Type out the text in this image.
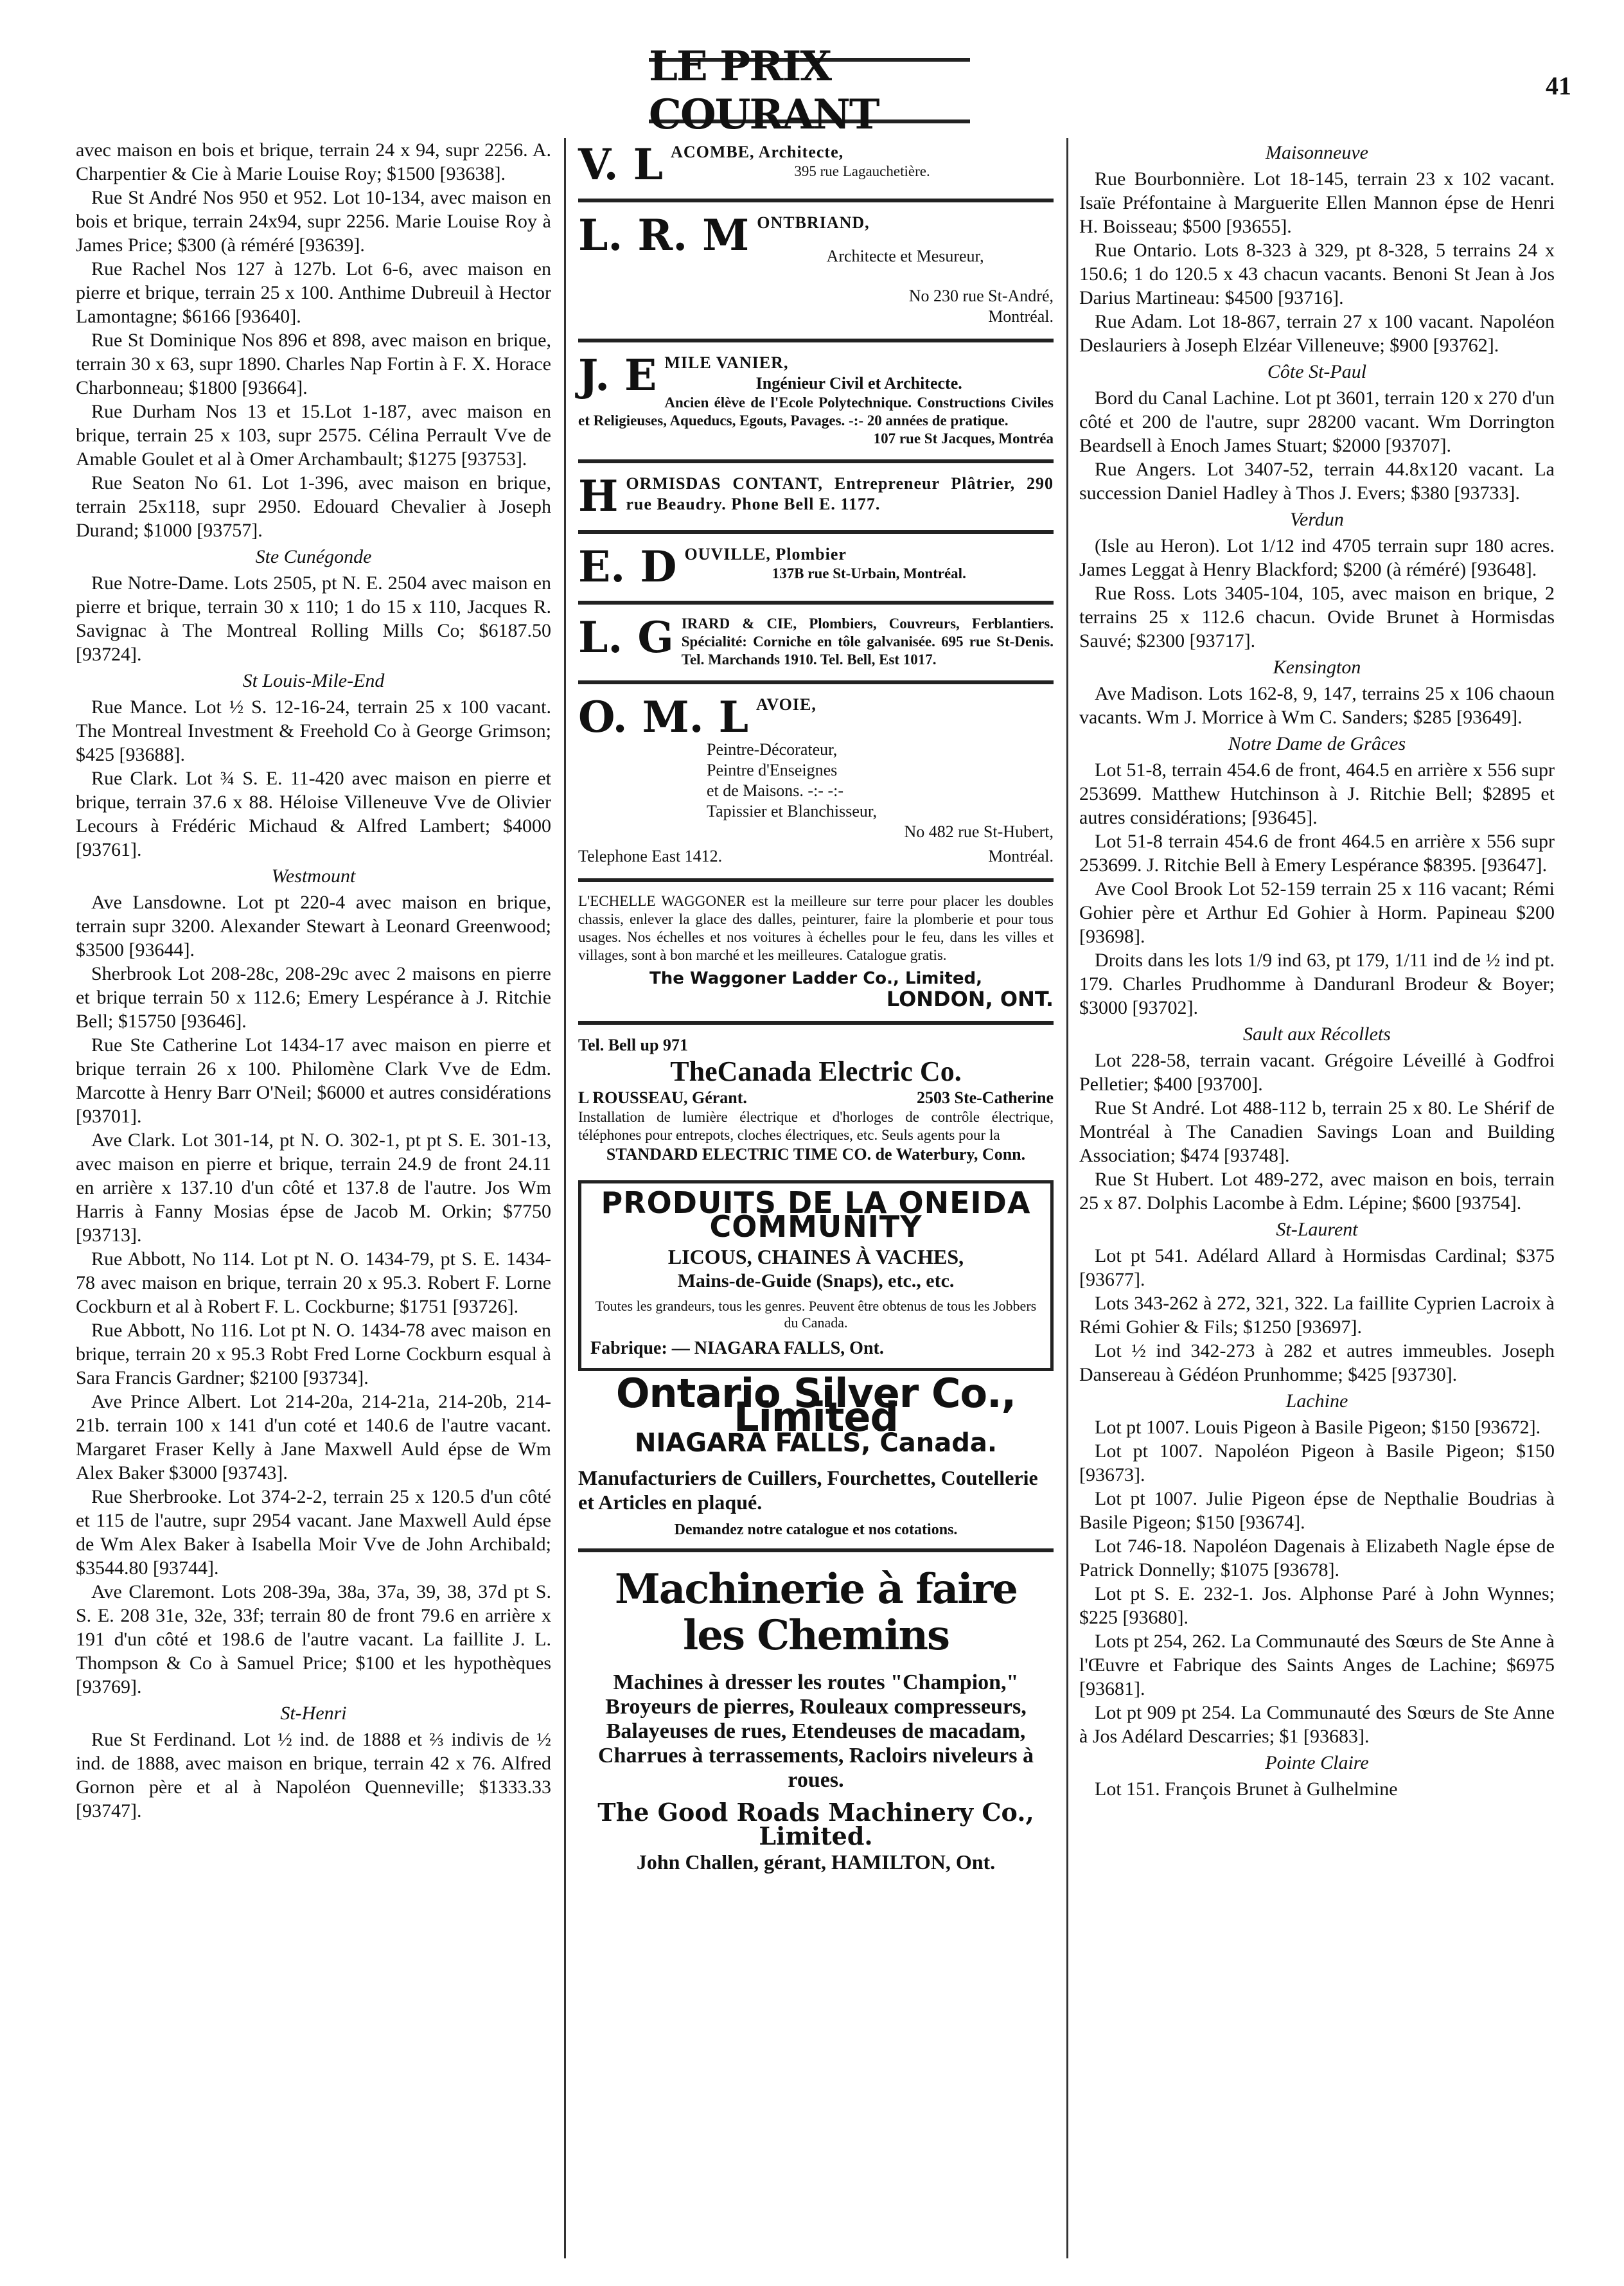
LE PRIX COURANT
41
avec maison en bois et brique, terrain 24 x 94, supr 2256. A. Charpentier & Cie à Marie Louise Roy; $1500 [93638].
Rue St André Nos 950 et 952. Lot 10-134, avec maison en bois et brique, terrain 24x94, supr 2256. Marie Louise Roy à James Price; $300 (à réméré [93639].
Rue Rachel Nos 127 à 127b. Lot 6-6, avec maison en pierre et brique, terrain 25 x 100. Anthime Dubreuil à Hector Lamontagne; $6166 [93640].
Rue St Dominique Nos 896 et 898, avec maison en brique, terrain 30 x 63, supr 1890. Charles Nap Fortin à F. X. Horace Charbonneau; $1800 [93664].
Rue Durham Nos 13 et 15.Lot 1-187, avec maison en brique, terrain 25 x 103, supr 2575. Célina Perrault Vve de Amable Goulet et al à Omer Archambault; $1275 [93753].
Rue Seaton No 61. Lot 1-396, avec maison en brique, terrain 25x118, supr 2950. Edouard Chevalier à Joseph Durand; $1000 [93757].
Ste Cunégonde
Rue Notre-Dame. Lots 2505, pt N. E. 2504 avec maison en pierre et brique, terrain 30 x 110; 1 do 15 x 110, Jacques R. Savignac à The Montreal Rolling Mills Co; $6187.50 [93724].
St Louis-Mile-End
Rue Mance. Lot ½ S. 12-16-24, terrain 25 x 100 vacant. The Montreal Investment & Freehold Co à George Grimson; $425 [93688].
Rue Clark. Lot ¾ S. E. 11-420 avec maison en pierre et brique, terrain 37.6 x 88. Héloise Villeneuve Vve de Olivier Lecours à Frédéric Michaud & Alfred Lambert; $4000 [93761].
Westmount
Ave Lansdowne. Lot pt 220-4 avec maison en brique, terrain supr 3200. Alexander Stewart à Leonard Greenwood; $3500 [93644].
Sherbrook Lot 208-28c, 208-29c avec 2 maisons en pierre et brique terrain 50 x 112.6; Emery Lespérance à J. Ritchie Bell; $15750 [93646].
Rue Ste Catherine Lot 1434-17 avec maison en pierre et brique terrain 26 x 100. Philomène Clark Vve de Edm. Marcotte à Henry Barr O'Neil; $6000 et autres considérations [93701].
Ave Clark. Lot 301-14, pt N. O. 302-1, pt pt S. E. 301-13, avec maison en pierre et brique, terrain 24.9 de front 24.11 en arrière x 137.10 d'un côté et 137.8 de l'autre. Jos Wm Harris à Fanny Mosias épse de Jacob M. Orkin; $7750 [93713].
Rue Abbott, No 114. Lot pt N. O. 1434-79, pt S. E. 1434-78 avec maison en brique, terrain 20 x 95.3. Robert F. Lorne Cockburn et al à Robert F. L. Cockburne; $1751 [93726].
Rue Abbott, No 116. Lot pt N. O. 1434-78 avec maison en brique, terrain 20 x 95.3 Robt Fred Lorne Cockburn esqual à Sara Francis Gardner; $2100 [93734].
Ave Prince Albert. Lot 214-20a, 214-21a, 214-20b, 214-21b. terrain 100 x 141 d'un coté et 140.6 de l'autre vacant. Margaret Fraser Kelly à Jane Maxwell Auld épse de Wm Alex Baker $3000 [93743].
Rue Sherbrooke. Lot 374-2-2, terrain 25 x 120.5 d'un côté et 115 de l'autre, supr 2954 vacant. Jane Maxwell Auld épse de Wm Alex Baker à Isabella Moir Vve de John Archibald; $3544.80 [93744].
Ave Claremont. Lots 208-39a, 38a, 37a, 39, 38, 37d pt S. S. E. 208 31e, 32e, 33f; terrain 80 de front 79.6 en arrière x 191 d'un côté et 198.6 de l'autre vacant. La faillite J. L. Thompson & Co à Samuel Price; $100 et les hypothèques [93769].
St-Henri
Rue St Ferdinand. Lot ½ ind. de 1888 et ⅔ indivis de ½ ind. de 1888, avec maison en brique, terrain 42 x 76. Alfred Gornon père et al à Napoléon Quenneville; $1333.33 [93747].
V. L ACOMBE, Architecte,
395 rue Lagauchetière.
L. R. M ONTBRIAND,
Architecte et Mesureur,
No 230 rue St-André,
Montréal.
J. E MILE VANIER,
Ingénieur Civil et Architecte.
Ancien élève de l'Ecole Polytechnique. Constructions Civiles et Religieuses, Aqueducs, Egouts, Pavages. -:- 20 années de pratique.
107 rue St Jacques, Montréa
H ORMISDAS CONTANT, Entrepreneur Plâtrier, 290 rue Beaudry. Phone Bell E. 1177.
E. D OUVILLE, Plombier
137B rue St-Urbain, Montréal.
L. G IRARD & CIE, Plombiers, Couvreurs, Ferblantiers. Spécialité: Corniche en tôle galvanisée. 695 rue St-Denis. Tel. Marchands 1910. Tel. Bell, Est 1017.
O. M. L AVOIE,
Peintre-Décorateur,
Peintre d'Enseignes
et de Maisons. -:- -:-
Tapissier et Blanchisseur,
No 482 rue St-Hubert,
Telephone East 1412.	Montréal.
L'ECHELLE WAGGONER est la meilleure sur terre pour placer les doubles chassis, enlever la glace des dalles, peinturer, faire la plomberie et pour tous usages. Nos échelles et nos voitures à échelles pour le feu, dans les villes et villages, sont à bon marché et les meilleures. Catalogue gratis.
The Waggoner Ladder Co., Limited,
LONDON, ONT.
Tel. Bell up 971
TheCanada Electric Co.
L ROUSSEAU, Gérant.	2503 Ste-Catherine
Installation de lumière électrique et d'horloges de contrôle électrique, téléphones pour entrepots, cloches électriques, etc. Seuls agents pour la
STANDARD ELECTRIC TIME CO. de Waterbury, Conn.
PRODUITS DE LA ONEIDA COMMUNITY
LICOUS, CHAINES À VACHES,
Mains-de-Guide (Snaps), etc., etc.
Toutes les grandeurs, tous les genres. Peuvent être obtenus de tous les Jobbers du Canada.
Fabrique: — NIAGARA FALLS, Ont.
Ontario Silver Co., Limited
NIAGARA FALLS, Canada.
Manufacturiers de Cuillers, Fourchettes, Coutellerie et Articles en plaqué.
Demandez notre catalogue et nos cotations.
Machinerie à faire les Chemins
Machines à dresser les routes "Champion," Broyeurs de pierres, Rouleaux compresseurs, Balayeuses de rues, Etendeuses de macadam, Charrues à terrassements, Racloirs niveleurs à roues.
The Good Roads Machinery Co., Limited.
John Challen, gérant, HAMILTON, Ont.
Maisonneuve
Rue Bourbonnière. Lot 18-145, terrain 23 x 102 vacant. Isaïe Préfontaine à Marguerite Ellen Mannon épse de Henri H. Boisseau; $500 [93655].
Rue Ontario. Lots 8-323 à 329, pt 8-328, 5 terrains 24 x 150.6; 1 do 120.5 x 43 chacun vacants. Benoni St Jean à Jos Darius Martineau: $4500 [93716].
Rue Adam. Lot 18-867, terrain 27 x 100 vacant. Napoléon Deslauriers à Joseph Elzéar Villeneuve; $900 [93762].
Côte St-Paul
Bord du Canal Lachine. Lot pt 3601, terrain 120 x 270 d'un côté et 200 de l'autre, supr 28200 vacant. Wm Dorrington Beardsell à Enoch James Stuart; $2000 [93707].
Rue Angers. Lot 3407-52, terrain 44.8x120 vacant. La succession Daniel Hadley à Thos J. Evers; $380 [93733].
Verdun
(Isle au Heron). Lot 1/12 ind 4705 terrain supr 180 acres. James Leggat à Henry Blackford; $200 (à réméré) [93648].
Rue Ross. Lots 3405-104, 105, avec maison en brique, 2 terrains 25 x 112.6 chacun. Ovide Brunet à Hormisdas Sauvé; $2300 [93717].
Kensington
Ave Madison. Lots 162-8, 9, 147, terrains 25 x 106 chaoun vacants. Wm J. Morrice à Wm C. Sanders; $285 [93649].
Notre Dame de Grâces
Lot 51-8, terrain 454.6 de front, 464.5 en arrière x 556 supr 253699. Matthew Hutchinson à J. Ritchie Bell; $2895 et autres considérations; [93645].
Lot 51-8 terrain 454.6 de front 464.5 en arrière x 556 supr 253699. J. Ritchie Bell à Emery Lespérance $8395. [93647].
Ave Cool Brook Lot 52-159 terrain 25 x 116 vacant; Rémi Gohier père et Arthur Ed Gohier à Horm. Papineau $200 [93698].
Droits dans les lots 1/9 ind 63, pt 179, 1/11 ind de ½ ind pt. 179. Charles Prudhomme à Danduranl Brodeur & Boyer; $3000 [93702].
Sault aux Récollets
Lot 228-58, terrain vacant. Grégoire Léveillé à Godfroi Pelletier; $400 [93700].
Rue St André. Lot 488-112 b, terrain 25 x 80. Le Shérif de Montréal à The Canadien Savings Loan and Building Association; $474 [93748].
Rue St Hubert. Lot 489-272, avec maison en bois, terrain 25 x 87. Dolphis Lacombe à Edm. Lépine; $600 [93754].
St-Laurent
Lot pt 541. Adélard Allard à Hormisdas Cardinal; $375 [93677].
Lots 343-262 à 272, 321, 322. La faillite Cyprien Lacroix à Rémi Gohier & Fils; $1250 [93697].
Lot ½ ind 342-273 à 282 et autres immeubles. Joseph Dansereau à Gédéon Prunhomme; $425 [93730].
Lachine
Lot pt 1007. Louis Pigeon à Basile Pigeon; $150 [93672].
Lot pt 1007. Napoléon Pigeon à Basile Pigeon; $150 [93673].
Lot pt 1007. Julie Pigeon épse de Nepthalie Boudrias à Basile Pigeon; $150 [93674].
Lot 746-18. Napoléon Dagenais à Elizabeth Nagle épse de Patrick Donnelly; $1075 [93678].
Lot pt S. E. 232-1. Jos. Alphonse Paré à John Wynnes; $225 [93680].
Lots pt 254, 262. La Communauté des Sœurs de Ste Anne à l'Œuvre et Fabrique des Saints Anges de Lachine; $6975 [93681].
Lot pt 909 pt 254. La Communauté des Sœurs de Ste Anne à Jos Adélard Descarries; $1 [93683].
Pointe Claire
Lot 151. François Brunet à Gulhelmine
